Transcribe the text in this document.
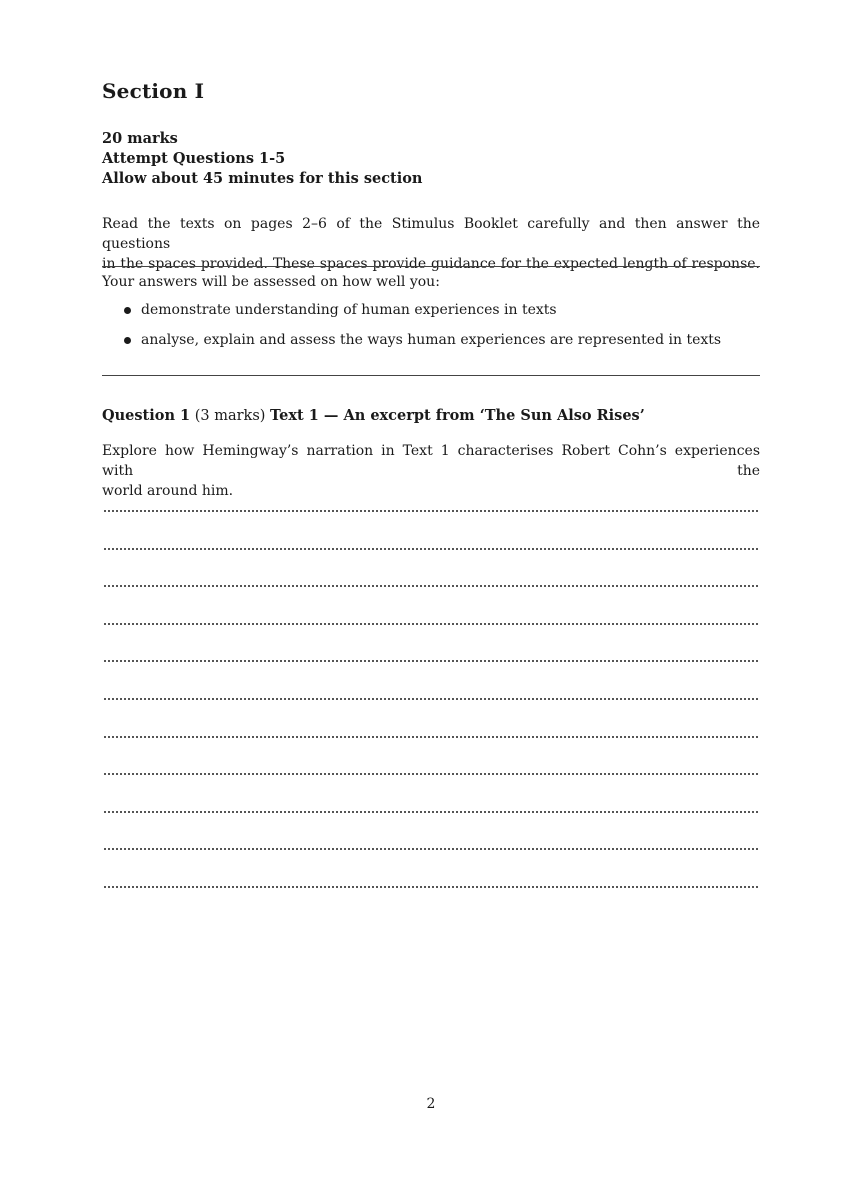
Section I
20 marks
Attempt Questions 1-5
Allow about 45 minutes for this section
Read the texts on pages 2–6 of the Stimulus Booklet carefully and then answer the questions
in the spaces provided. These spaces provide guidance for the expected length of response.
Your answers will be assessed on how well you:
demonstrate understanding of human experiences in texts
analyse, explain and assess the ways human experiences are represented in texts
Question 1 (3 marks) Text 1 — An excerpt from ‘The Sun Also Rises’
Explore how Hemingway’s narration in Text 1 characterises Robert Cohn’s experiences with the
world around him.
2
